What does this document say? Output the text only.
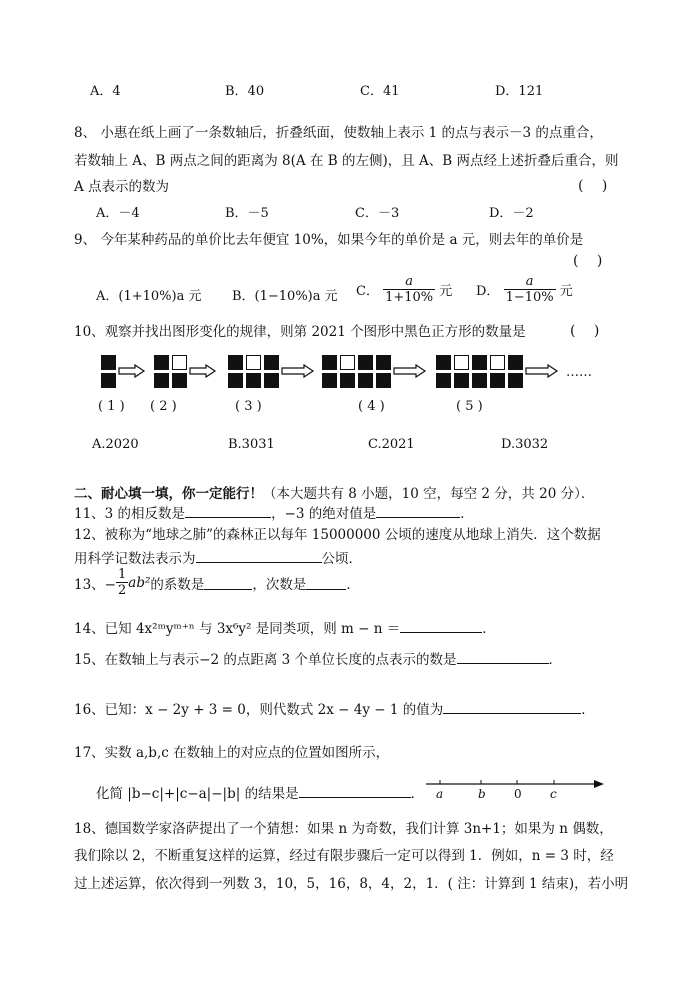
A．4	B．40	C．41	D．121
8、 小惠在纸上画了一条数轴后，折叠纸面，使数轴上表示 1 的点与表示－3 的点重合，
若数轴上 A、B 两点之间的距离为 8(A 在 B 的左侧)，且 A、B 两点经上述折叠后重合，则
A 点表示的数为	(　 )
A．－4	B．－5	C．－3	D．－2
9、 今年某种药品的单价比去年便宜 10%，如果今年的单价是 a 元，则去年的单价是
(　 )
A．(1+10%)a 元 B．(1−10%)a 元 C． $\frac{a}{1+10\%}$ 元 D． $\frac{a}{1-10\%}$ 元
10、观察并找出图形变化的规律，则第 2021 个图形中黑色正方形的数量是	(　 )
……
( 1 ) ( 2 )	( 3 )	( 4 )	( 5 )
A.2020	B.3031	C.2021	D.3032
二、耐心填一填，你一定能行！（本大题共有 8 小题，10 空，每空 2 分，共 20 分）．
11、3 的相反数是	，−3 的绝对值是	．
12、被称为“地球之肺”的森林正以每年 15000000 公顷的速度从地球上消失．这个数据
用科学记数法表示为	公顷．
13、− $\frac{1}{2} ab^2$ 的系数是	，次数是	．
14、已知 4x²ᵐyᵐ⁺ⁿ 与 3x⁶y² 是同类项，则 m − n ＝	．
15、在数轴上与表示−2 的点距离 3 个单位长度的点表示的数是	．
16、已知：x − 2y + 3 = 0，则代数式 2x − 4y − 1 的值为	．
17、实数 a,b,c 在数轴上的对应点的位置如图所示，
化简 |b−c|+|c−a|−|b| 的结果是	． a	b 0 c
18、德国数学家洛萨提出了一个猜想：如果 n 为奇数，我们计算 3n+1；如果为 n 偶数，
我们除以 2，不断重复这样的运算，经过有限步骤后一定可以得到 1．例如，n = 3 时，经
过上述运算，依次得到一列数 3，10，5，16，8，4，2，1．( 注：计算到 1 结束)，若小明
